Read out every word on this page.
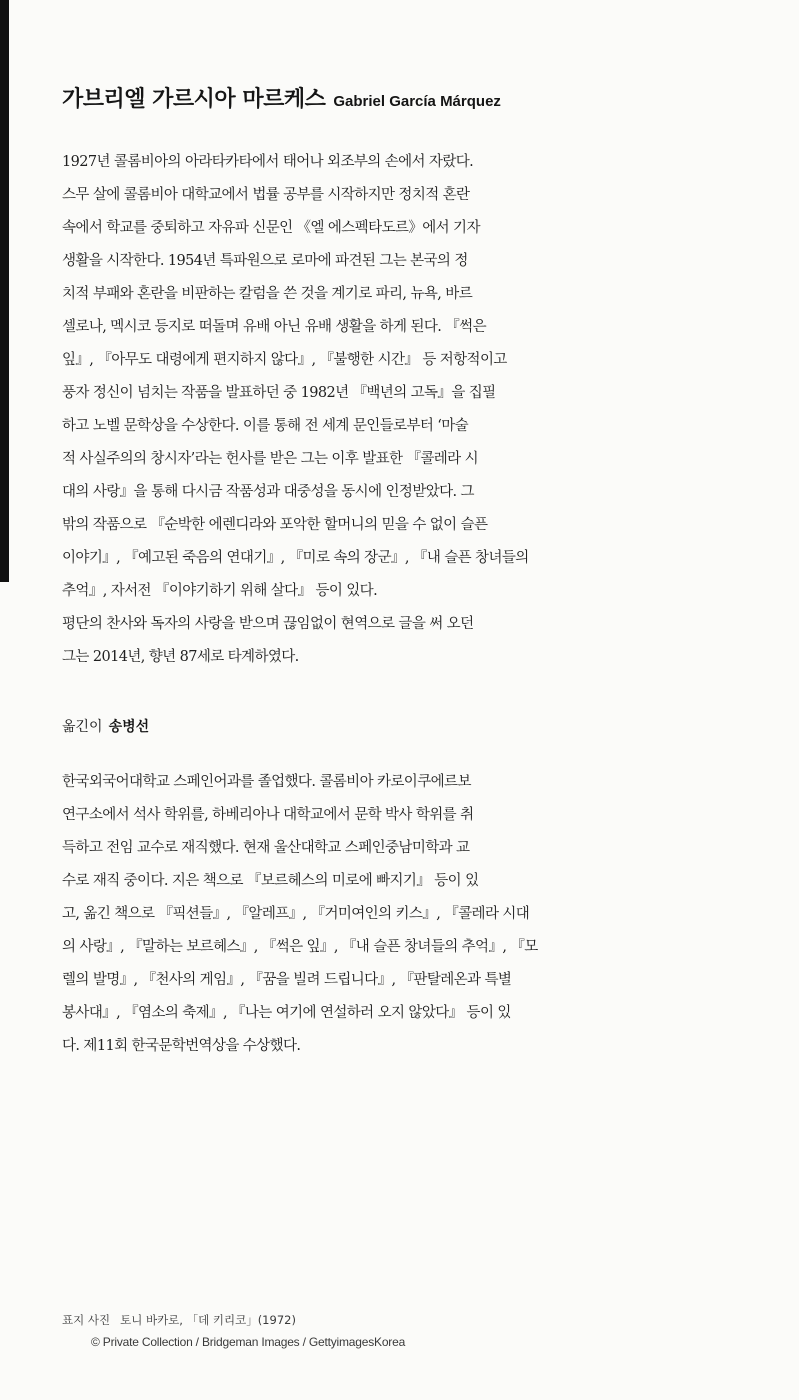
가브리엘 가르시아 마르케스 Gabriel García Márquez
1927년 콜롬비아의 아라타카타에서 태어나 외조부의 손에서 자랐다.
스무 살에 콜롬비아 대학교에서 법률 공부를 시작하지만 정치적 혼란
속에서 학교를 중퇴하고 자유파 신문인 《엘 에스펙타도르》에서 기자
생활을 시작한다. 1954년 특파원으로 로마에 파견된 그는 본국의 정
치적 부패와 혼란을 비판하는 칼럼을 쓴 것을 계기로 파리, 뉴욕, 바르
셀로나, 멕시코 등지로 떠돌며 유배 아닌 유배 생활을 하게 된다. 『썩은
잎』, 『아무도 대령에게 편지하지 않다』, 『불행한 시간』 등 저항적이고
풍자 정신이 넘치는 작품을 발표하던 중 1982년 『백년의 고독』을 집필
하고 노벨 문학상을 수상한다. 이를 통해 전 세계 문인들로부터 ‘마술
적 사실주의의 창시자’라는 헌사를 받은 그는 이후 발표한 『콜레라 시
대의 사랑』을 통해 다시금 작품성과 대중성을 동시에 인정받았다. 그
밖의 작품으로 『순박한 에렌디라와 포악한 할머니의 믿을 수 없이 슬픈
이야기』, 『예고된 죽음의 연대기』, 『미로 속의 장군』, 『내 슬픈 창녀들의
추억』, 자서전 『이야기하기 위해 살다』 등이 있다.
평단의 찬사와 독자의 사랑을 받으며 끊임없이 현역으로 글을 써 오던
그는 2014년, 향년 87세로 타계하였다.
옮긴이 송병선
한국외국어대학교 스페인어과를 졸업했다. 콜롬비아 카로이쿠에르보
연구소에서 석사 학위를, 하베리아나 대학교에서 문학 박사 학위를 취
득하고 전임 교수로 재직했다. 현재 울산대학교 스페인중남미학과 교
수로 재직 중이다. 지은 책으로 『보르헤스의 미로에 빠지기』 등이 있
고, 옮긴 책으로 『픽션들』, 『알레프』, 『거미여인의 키스』, 『콜레라 시대
의 사랑』, 『말하는 보르헤스』, 『썩은 잎』, 『내 슬픈 창녀들의 추억』, 『모
렐의 발명』, 『천사의 게임』, 『꿈을 빌려 드립니다』, 『판탈레온과 특별
봉사대』, 『염소의 축제』, 『나는 여기에 연설하러 오지 않았다』 등이 있
다. 제11회 한국문학번역상을 수상했다.
표지 사진 토니 바카로, 「데 키리코」(1972)
© Private Collection / Bridgeman Images / GettyimagesKorea
